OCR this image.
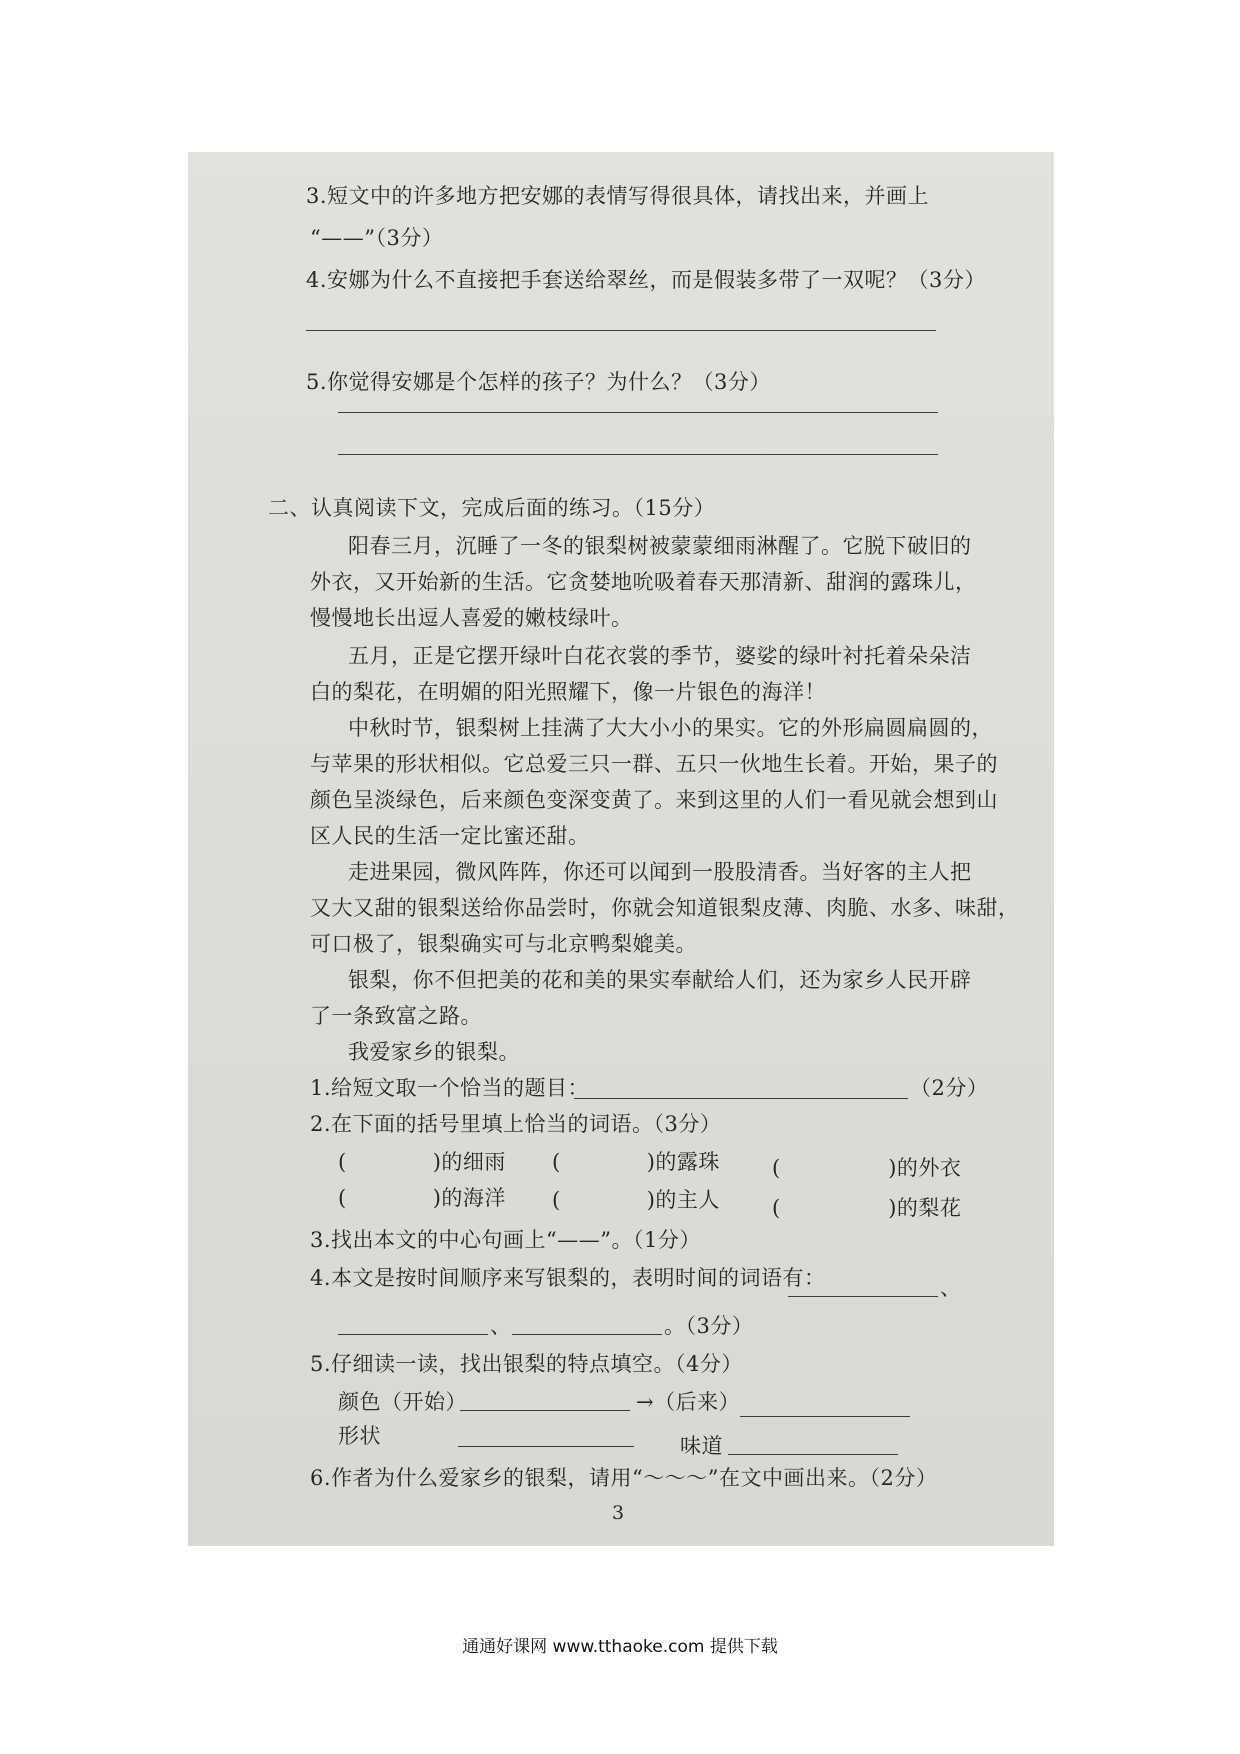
3.短文中的许多地方把安娜的表情写得很具体，请找出来，并画上
“——”（3分）
4.安娜为什么不直接把手套送给翠丝，而是假装多带了一双呢？（3分）
5.你觉得安娜是个怎样的孩子？为什么？（3分）
二、认真阅读下文，完成后面的练习。（15分）
阳春三月，沉睡了一冬的银梨树被蒙蒙细雨淋醒了。它脱下破旧的
外衣，又开始新的生活。它贪婪地吮吸着春天那清新、甜润的露珠儿，
慢慢地长出逗人喜爱的嫩枝绿叶。
五月，正是它摆开绿叶白花衣裳的季节，婆娑的绿叶衬托着朵朵洁
白的梨花，在明媚的阳光照耀下，像一片银色的海洋！
中秋时节，银梨树上挂满了大大小小的果实。它的外形扁圆扁圆的，
与苹果的形状相似。它总爱三只一群、五只一伙地生长着。开始，果子的
颜色呈淡绿色，后来颜色变深变黄了。来到这里的人们一看见就会想到山
区人民的生活一定比蜜还甜。
走进果园，微风阵阵，你还可以闻到一股股清香。当好客的主人把
又大又甜的银梨送给你品尝时，你就会知道银梨皮薄、肉脆、水多、味甜，
可口极了，银梨确实可与北京鸭梨媲美。
银梨，你不但把美的花和美的果实奉献给人们，还为家乡人民开辟
了一条致富之路。
我爱家乡的银梨。
1.给短文取一个恰当的题目：	（2分）
2.在下面的括号里填上恰当的词语。（3分）
(　　　　)的细雨 (　　　　)的露珠 (　　　　　)的外衣
(　　　　)的海洋 (　　　　)的主人 (　　　　　)的梨花
3.找出本文的中心句画上“——”。（1分）
4.本文是按时间顺序来写银梨的，表明时间的词语有：	、
、	。（3分）
5.仔细读一读，找出银梨的特点填空。（4分）
颜色（开始）	→（后来）
形状	味道
6.作者为什么爱家乡的银梨，请用“～～～”在文中画出来。（2分）
3
通通好课网 www.tthaoke.com 提供下载
